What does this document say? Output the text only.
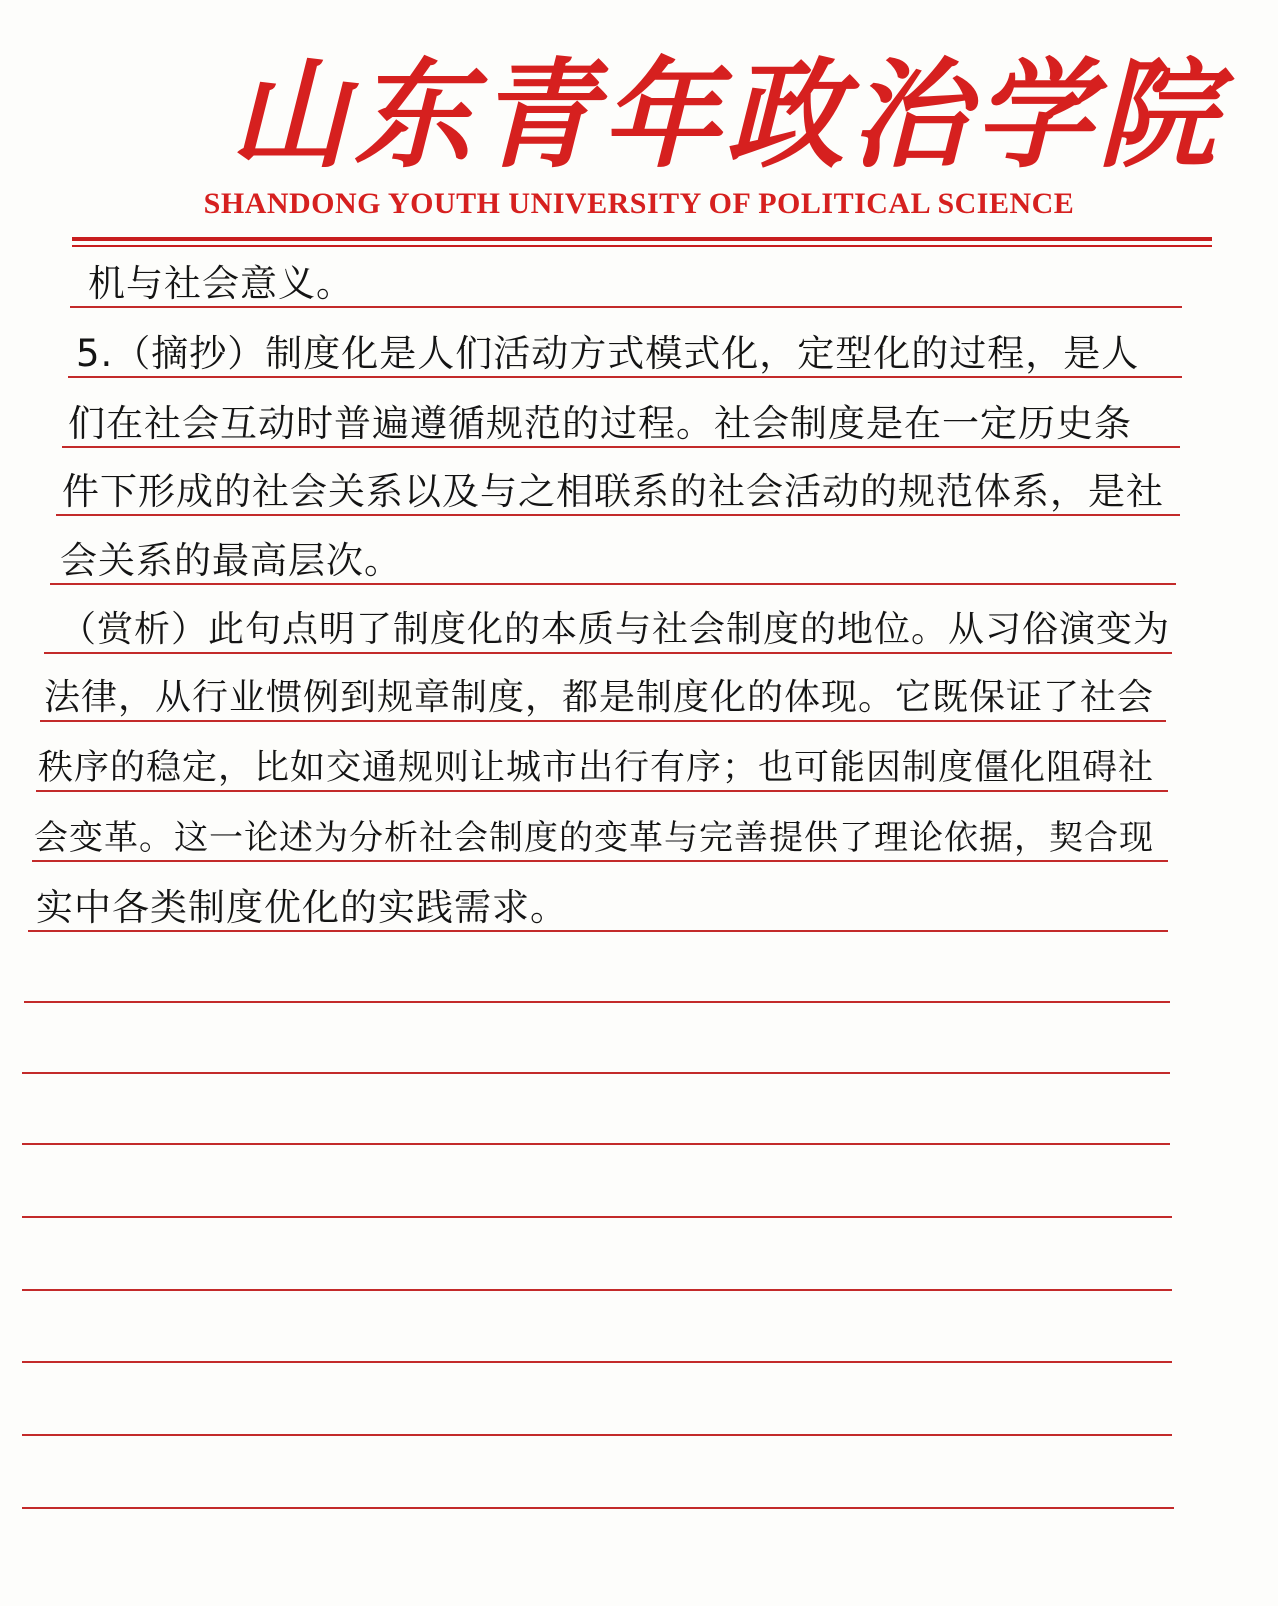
山东青年政治学院
SHANDONG YOUTH UNIVERSITY OF POLITICAL SCIENCE
机与社会意义。
5.（摘抄）制度化是人们活动方式模式化，定型化的过程，是人
们在社会互动时普遍遵循规范的过程。社会制度是在一定历史条
件下形成的社会关系以及与之相联系的社会活动的规范体系，是社
会关系的最高层次。
（赏析）此句点明了制度化的本质与社会制度的地位。从习俗演变为
法律，从行业惯例到规章制度，都是制度化的体现。它既保证了社会
秩序的稳定，比如交通规则让城市出行有序；也可能因制度僵化阻碍社
会变革。这一论述为分析社会制度的变革与完善提供了理论依据，契合现
实中各类制度优化的实践需求。
